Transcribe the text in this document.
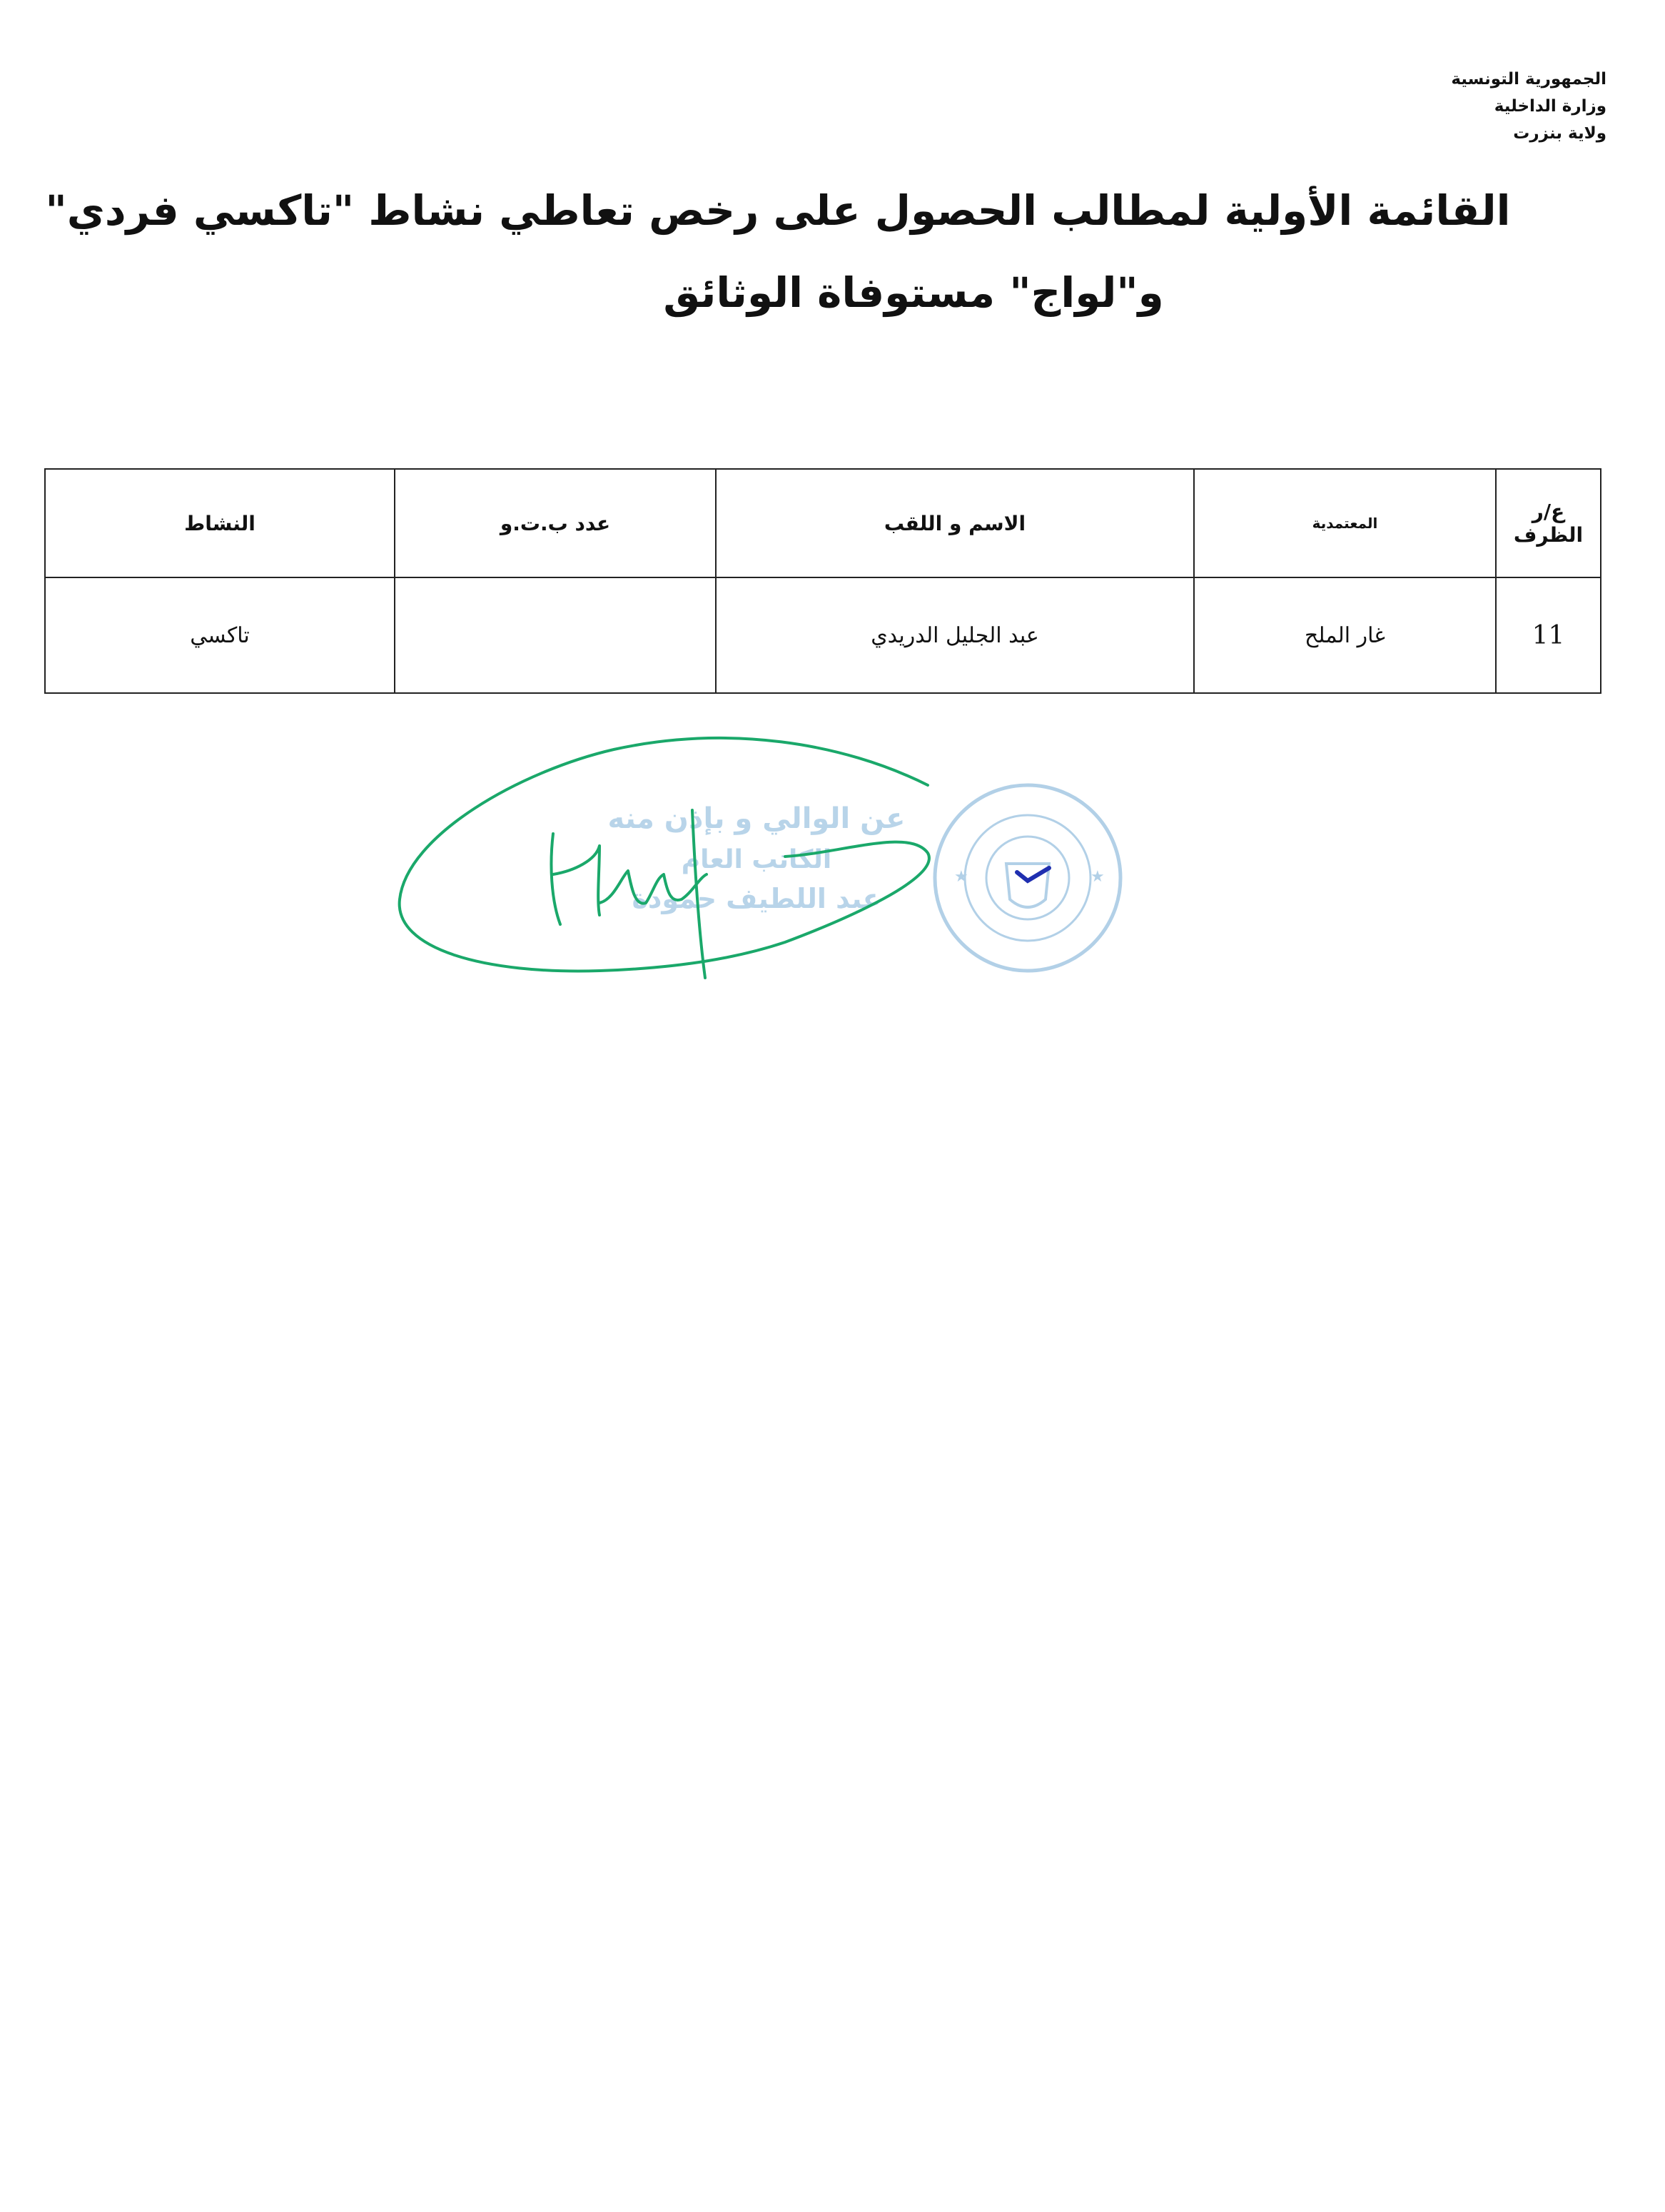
الجمهورية التونسية
وزارة الداخلية
ولاية بنزرت
القائمة الأولية لمطالب الحصول على رخص تعاطي نشاط "تاكسي فردي"
و"لواج" مستوفاة الوثائق
ع/ر الظرف	المعتمدية	الاسم و اللقب	عدد ب.ت.و	النشاط
11	غار الملح	عبد الجليل الدريدي		تاكسي
عن الوالي و بإذن منه
الكاتب العام
عبد اللطيف حمودة
★	★
